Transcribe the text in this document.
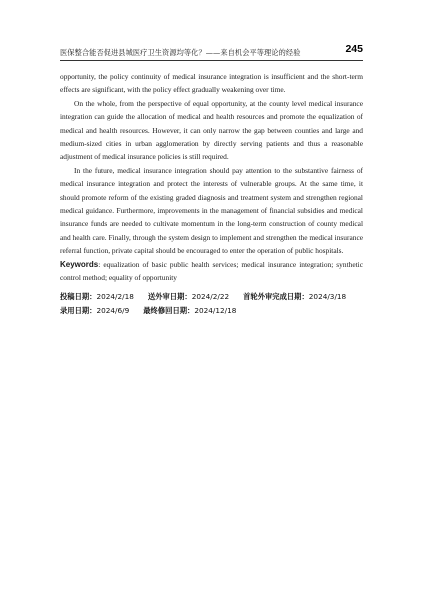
医保整合能否促进县城医疗卫生资源均等化？——来自机会平等理论的经验	245

opportunity, the policy continuity of medical insurance integration is insufficient and the short-term effects are significant, with the policy effect gradually weakening over time.

On the whole, from the perspective of equal opportunity, at the county level medical insurance integration can guide the allocation of medical and health resources and promote the equalization of medical and health resources. However, it can only narrow the gap between counties and large and medium-sized cities in urban agglomeration by directly serving patients and thus a reasonable adjustment of medical insurance policies is still required.

In the future, medical insurance integration should pay attention to the substantive fairness of medical insurance integration and protect the interests of vulnerable groups. At the same time, it should promote reform of the existing graded diagnosis and treatment system and strengthen regional medical guidance. Furthermore, improvements in the management of financial subsidies and medical insurance funds are needed to cultivate momentum in the long-term construction of county medical and health care. Finally, through the system design to implement and strengthen the medical insurance referral function, private capital should be encouraged to enter the operation of public hospitals.

Keywords: equalization of basic public health services; medical insurance integration; synthetic control method; equality of opportunity

投稿日期：2024/2/18 送外审日期：2024/2/22 首轮外审完成日期：2024/3/18
录用日期：2024/6/9 最终修回日期：2024/12/18
